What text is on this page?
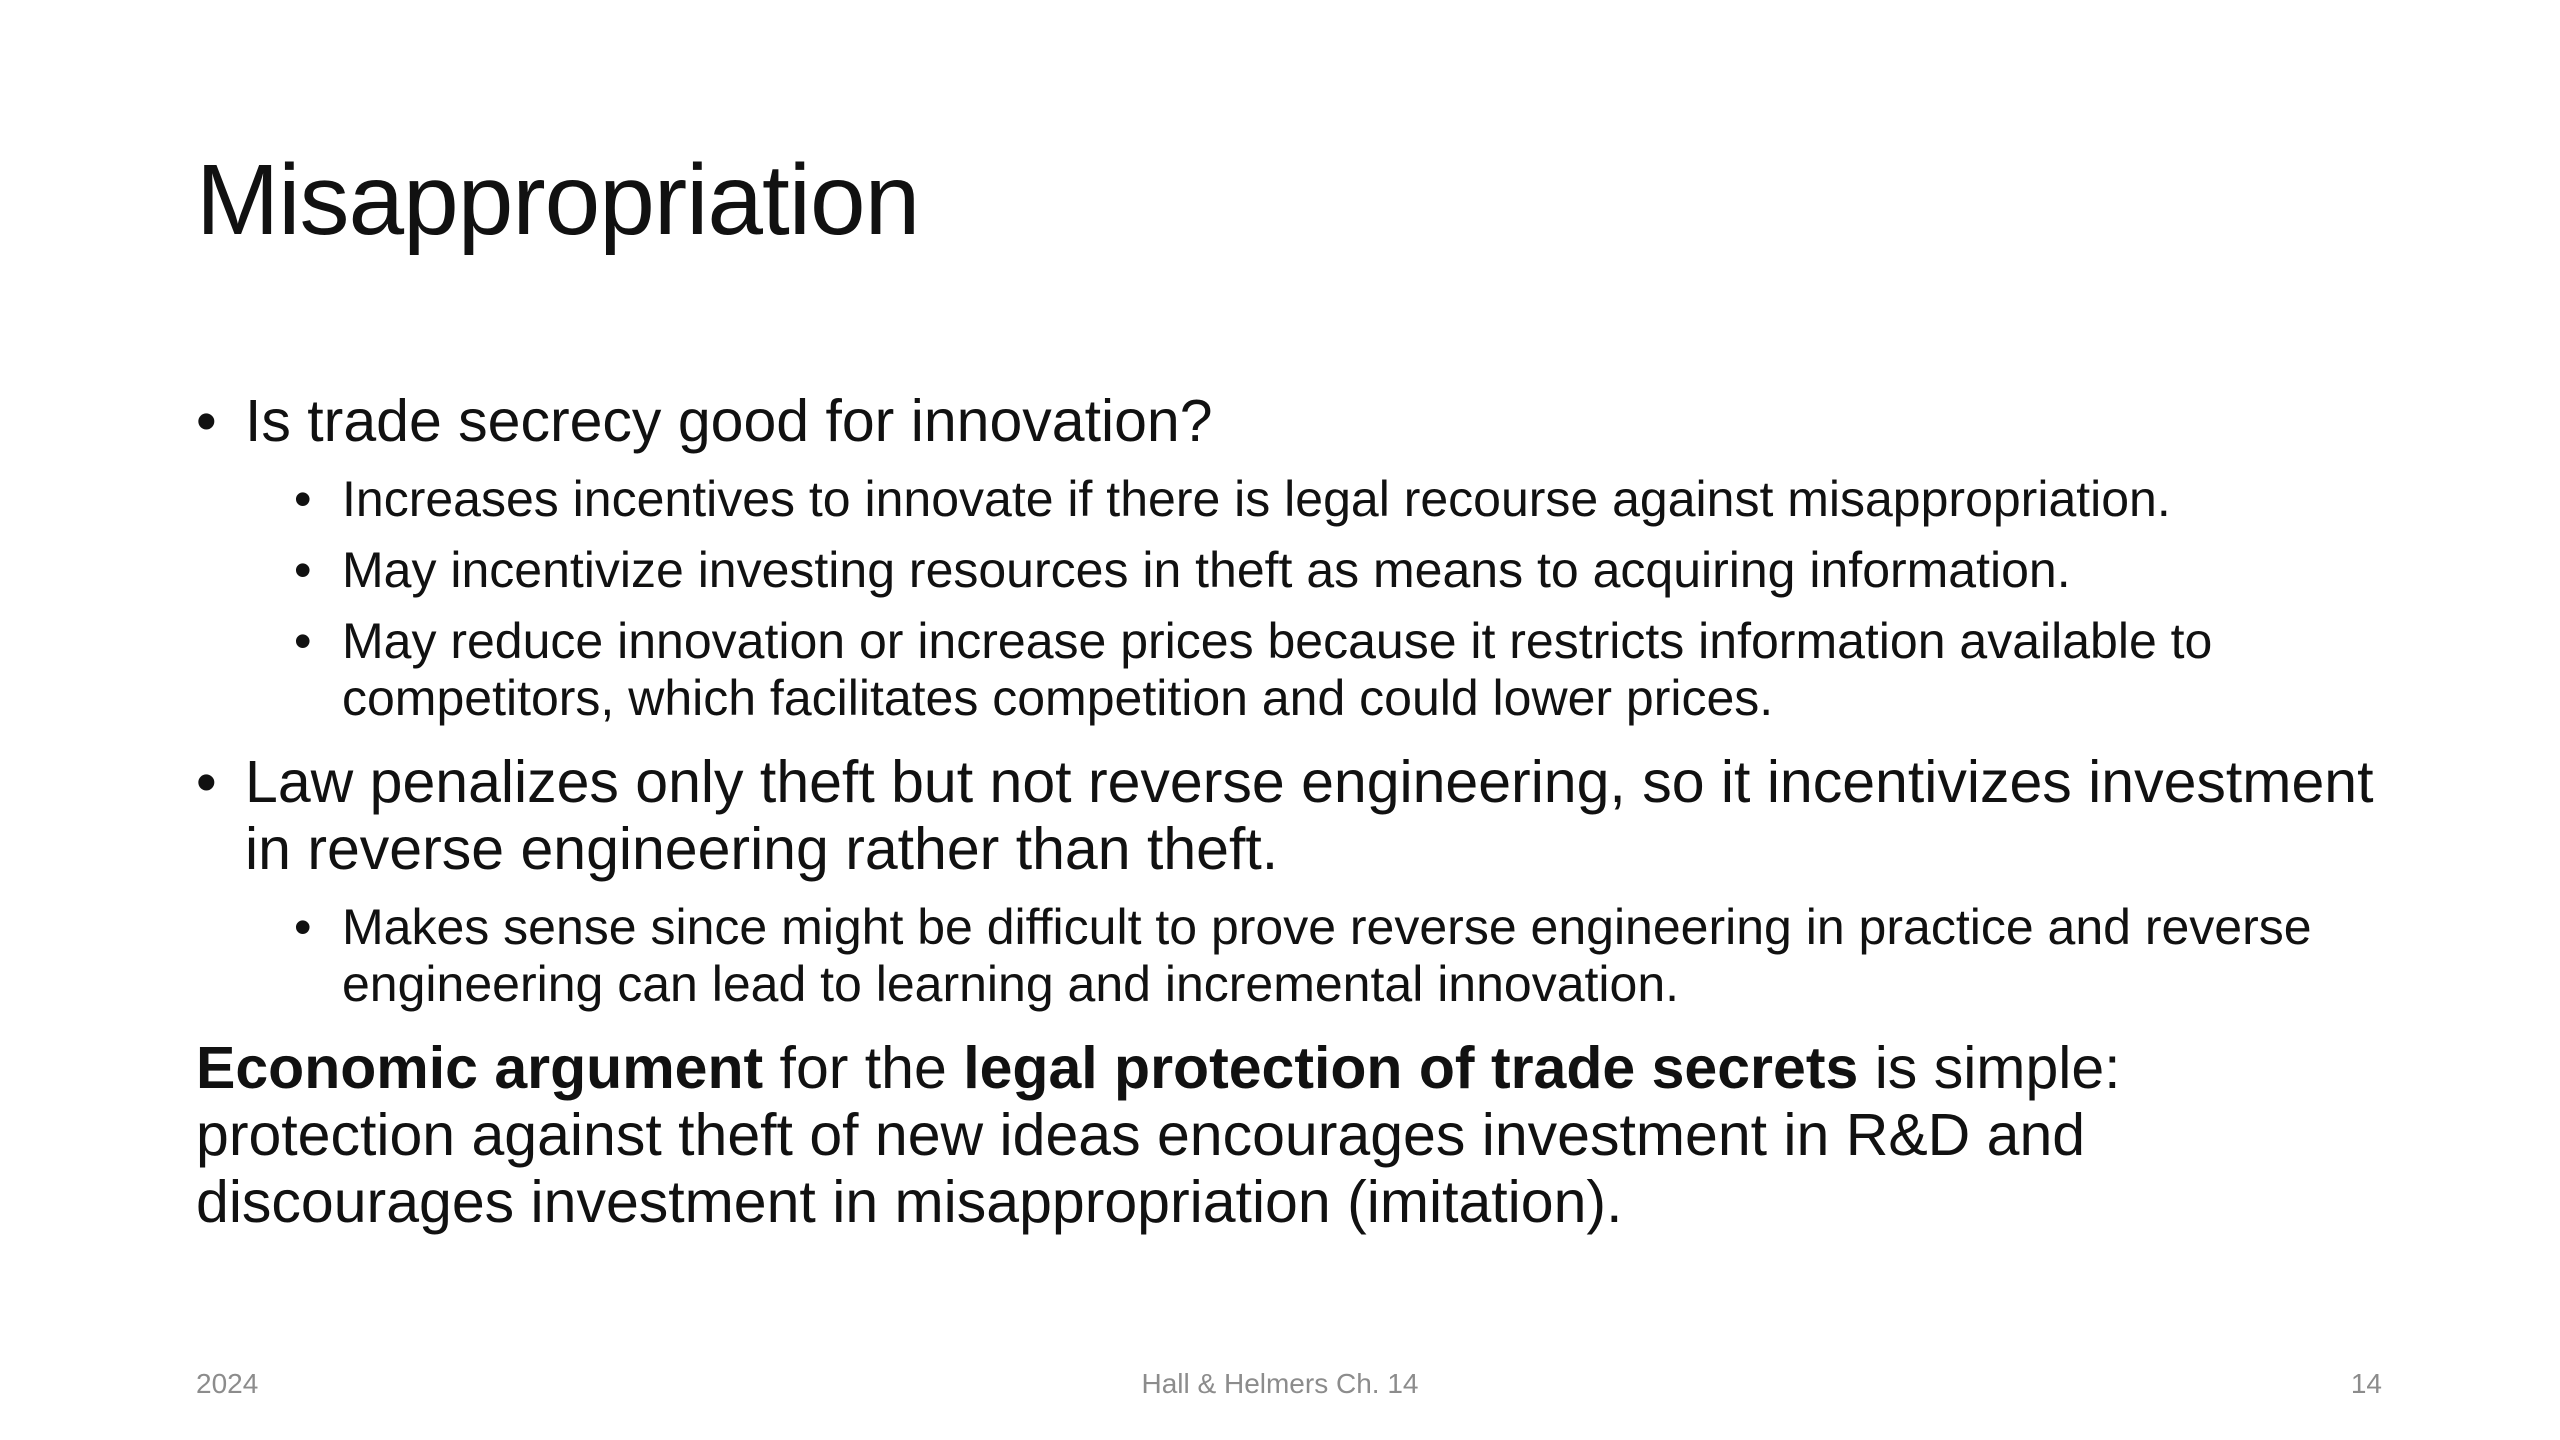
Misappropriation
• Is trade secrecy good for innovation?
• Increases incentives to innovate if there is legal recourse against misappropriation.
• May incentivize investing resources in theft as means to acquiring information.
• May reduce innovation or increase prices because it restricts information available to competitors, which facilitates competition and could lower prices.
• Law penalizes only theft but not reverse engineering, so it incentivizes investment in reverse engineering rather than theft.
• Makes sense since might be difficult to prove reverse engineering in practice and reverse engineering can lead to learning and incremental innovation.
Economic argument for the legal protection of trade secrets is simple: protection against theft of new ideas encourages investment in R&D and discourages investment in misappropriation (imitation).
2024	Hall & Helmers Ch. 14	14
